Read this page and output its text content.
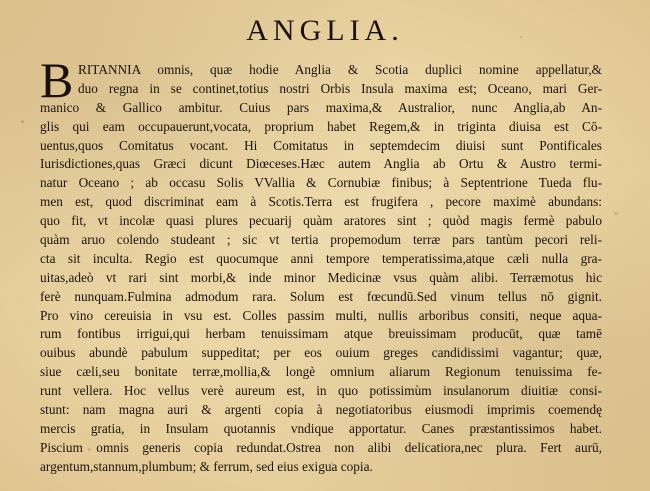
ANGLIA.
B RITANNIA omnis, quæ hodie Anglia & Scotia duplici nomine appellatur,&
duo regna in se continet,totius nostri Orbis Insula maxima est; Oceano, mari Ger-
manico & Gallico ambitur. Cuius pars maxima,& Australior, nunc Anglia,ab An-
glis qui eam occupauerunt,vocata, proprium habet Regem,& in triginta diuisa est Cō-
uentus,quos Comitatus vocant. Hi Comitatus in septemdecim diuisi sunt Pontificales
Iurisdictiones,quas Græci dicunt Diœceses.Hæc autem Anglia ab Ortu & Austro termi-
natur Oceano ; ab occasu Solis VVallia & Cornubiæ finibus; à Septentrione Tueda flu-
men est, quod discriminat eam à Scotis.Terra est frugifera , pecore maximè abundans:
quo fit, vt incolæ quasi plures pecuarij quàm aratores sint ; quòd magis fermè pabulo
quàm aruo colendo studeant ; sic vt tertia propemodum terræ pars tantùm pecori reli-
cta sit inculta. Regio est quocumque anni tempore temperatissima,atque cæli nulla gra-
uitas,adeò vt rari sint morbi,& inde minor Medicinæ vsus quàm alibi. Terræmotus hic
ferè nunquam.Fulmina admodum rara. Solum est fœcundū.Sed vinum tellus nō gignit.
Pro vino cereuisia in vsu est. Colles passim multi, nullis arboribus consiti, neque aqua-
rum fontibus irrigui,qui herbam tenuissimam atque breuissimam producūt, quæ tamē
ouibus abundè pabulum suppeditat; per eos ouium greges candidissimi vagantur; quæ,
siue cæli,seu bonitate terræ,mollia,& longè omnium aliarum Regionum tenuissima fe-
runt vellera. Hoc vellus verè aureum est, in quo potissimùm insulanorum diuitiæ consi-
stunt: nam magna auri & argenti copia à negotiatoribus eiusmodi imprimis coemendę
mercis gratia, in Insulam quotannis vndique apportatur. Canes præstantissimos habet.
Piscium omnis generis copia redundat.Ostrea non alibi delicatiora,nec plura. Fert aurū,
argentum,stannum,plumbum; & ferrum, sed eius exigua copia.
